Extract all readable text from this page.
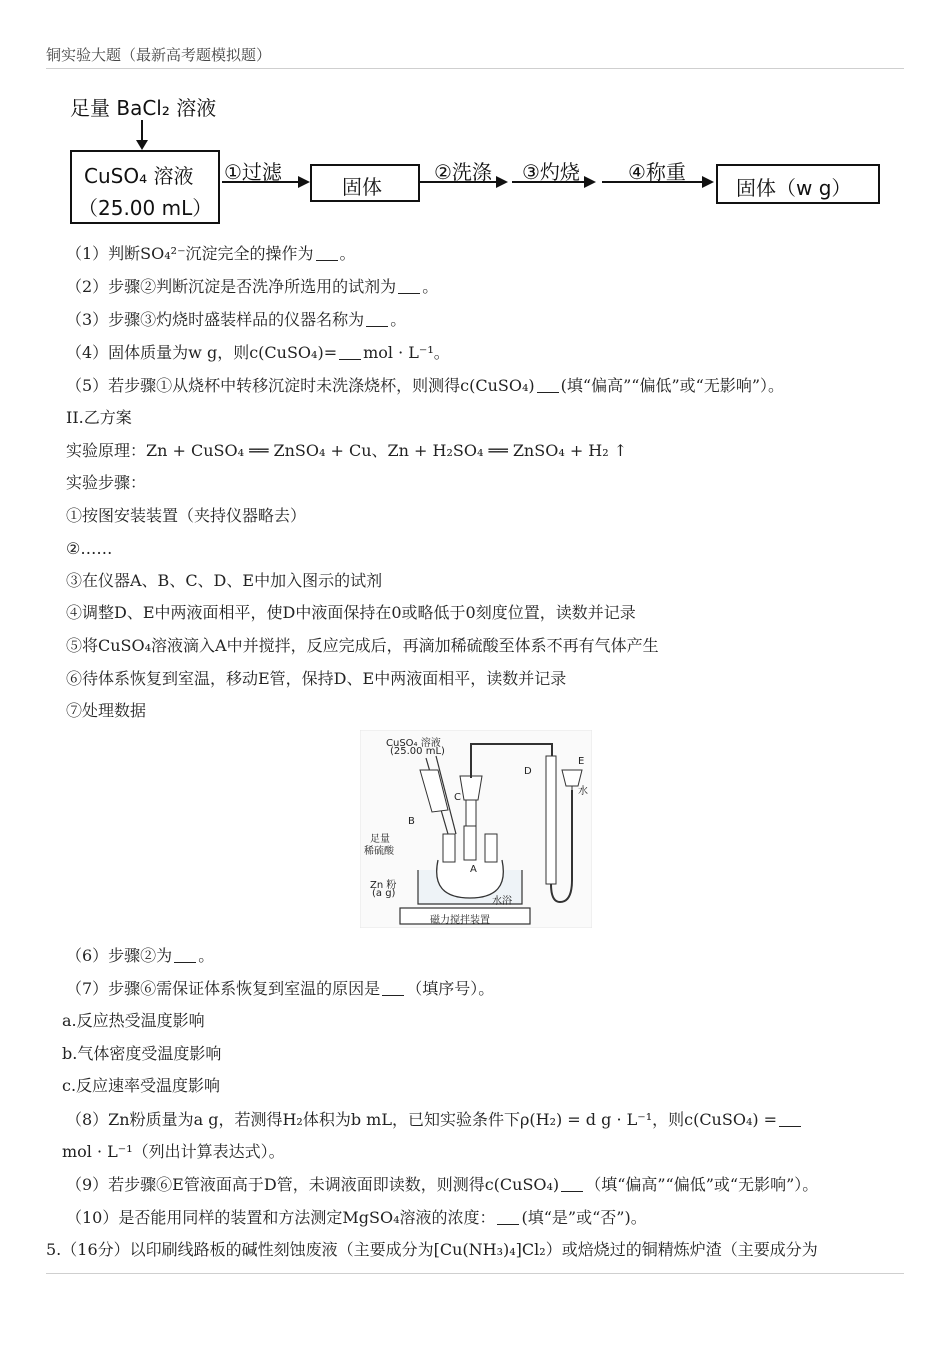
铜实验大题（最新高考题模拟题）
足量 BaCl₂ 溶液
CuSO₄ 溶液
（25.00 mL）
①过滤
固体
②洗涤 ③灼烧 ④称重
固体（w g）
（1）判断SO₄²⁻沉淀完全的操作为 。
（2）步骤②判断沉淀是否洗净所选用的试剂为 。
（3）步骤③灼烧时盛装样品的仪器名称为 。
（4）固体质量为w g，则c(CuSO₄)= mol · L⁻¹。
（5）若步骤①从烧杯中转移沉淀时未洗涤烧杯，则测得c(CuSO₄) (填“偏高”“偏低”或“无影响”）。
II.乙方案
实验原理：Zn + CuSO₄ ══ ZnSO₄ + Cu、Zn + H₂SO₄ ══ ZnSO₄ + H₂ ↑
实验步骤：
①按图安装装置（夹持仪器略去）
②……
③在仪器A、B、C、D、E中加入图示的试剂
④调整D、E中两液面相平，使D中液面保持在0或略低于0刻度位置，读数并记录
⑤将CuSO₄溶液滴入A中并搅拌，反应完成后，再滴加稀硫酸至体系不再有气体产生
⑥待体系恢复到室温，移动E管，保持D、E中两液面相平，读数并记录
⑦处理数据
CuSO₄ 溶液
(25.00 mL)
C
D
E
水
B
足量
稀硫酸
A
Zn 粉
(a g)
水浴
磁力搅拌装置
（6）步骤②为 。
（7）步骤⑥需保证体系恢复到室温的原因是 （填序号）。
a.反应热受温度影响
b.气体密度受温度影响
c.反应速率受温度影响
（8）Zn粉质量为a g，若测得H₂体积为b mL，已知实验条件下ρ(H₂) = d g · L⁻¹，则c(CuSO₄) =
mol · L⁻¹（列出计算表达式）。
（9）若步骤⑥E管液面高于D管，未调液面即读数，则测得c(CuSO₄) （填“偏高”“偏低”或“无影响”）。
（10）是否能用同样的装置和方法测定MgSO₄溶液的浓度： (填“是”或“否”)。
5.（16分）以印刷线路板的碱性刻蚀废液（主要成分为[Cu(NH₃)₄]Cl₂）或焙烧过的铜精炼炉渣（主要成分为
